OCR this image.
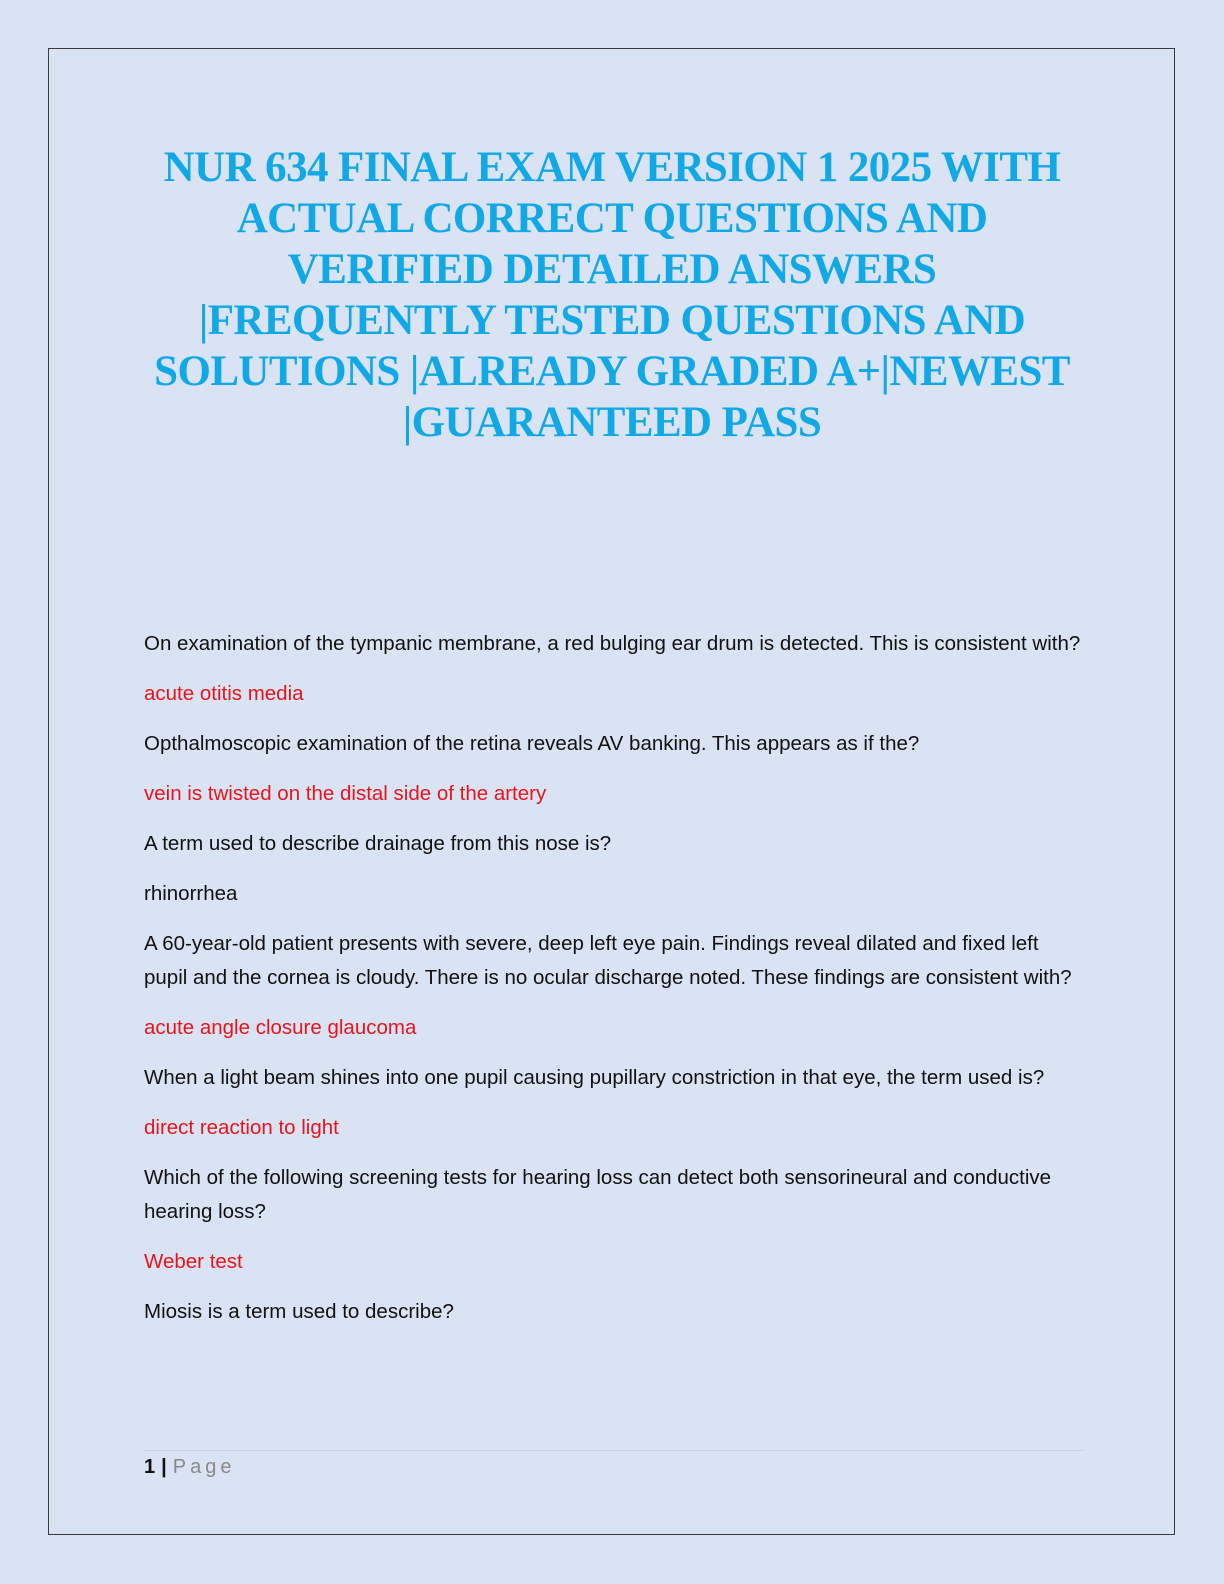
NUR 634 FINAL EXAM VERSION 1 2025 WITH
ACTUAL CORRECT QUESTIONS AND
VERIFIED DETAILED ANSWERS
|FREQUENTLY TESTED QUESTIONS AND
SOLUTIONS |ALREADY GRADED A+|NEWEST
|GUARANTEED PASS

On examination of the tympanic membrane, a red bulging ear drum is detected. This is consistent with?

acute otitis media

Opthalmoscopic examination of the retina reveals AV banking. This appears as if the?

vein is twisted on the distal side of the artery

A term used to describe drainage from this nose is?

rhinorrhea

A 60-year-old patient presents with severe, deep left eye pain. Findings reveal dilated and fixed left pupil and the cornea is cloudy. There is no ocular discharge noted. These findings are consistent with?

acute angle closure glaucoma

When a light beam shines into one pupil causing pupillary constriction in that eye, the term used is?

direct reaction to light

Which of the following screening tests for hearing loss can detect both sensorineural and conductive hearing loss?

Weber test

Miosis is a term used to describe?

1 | Page
